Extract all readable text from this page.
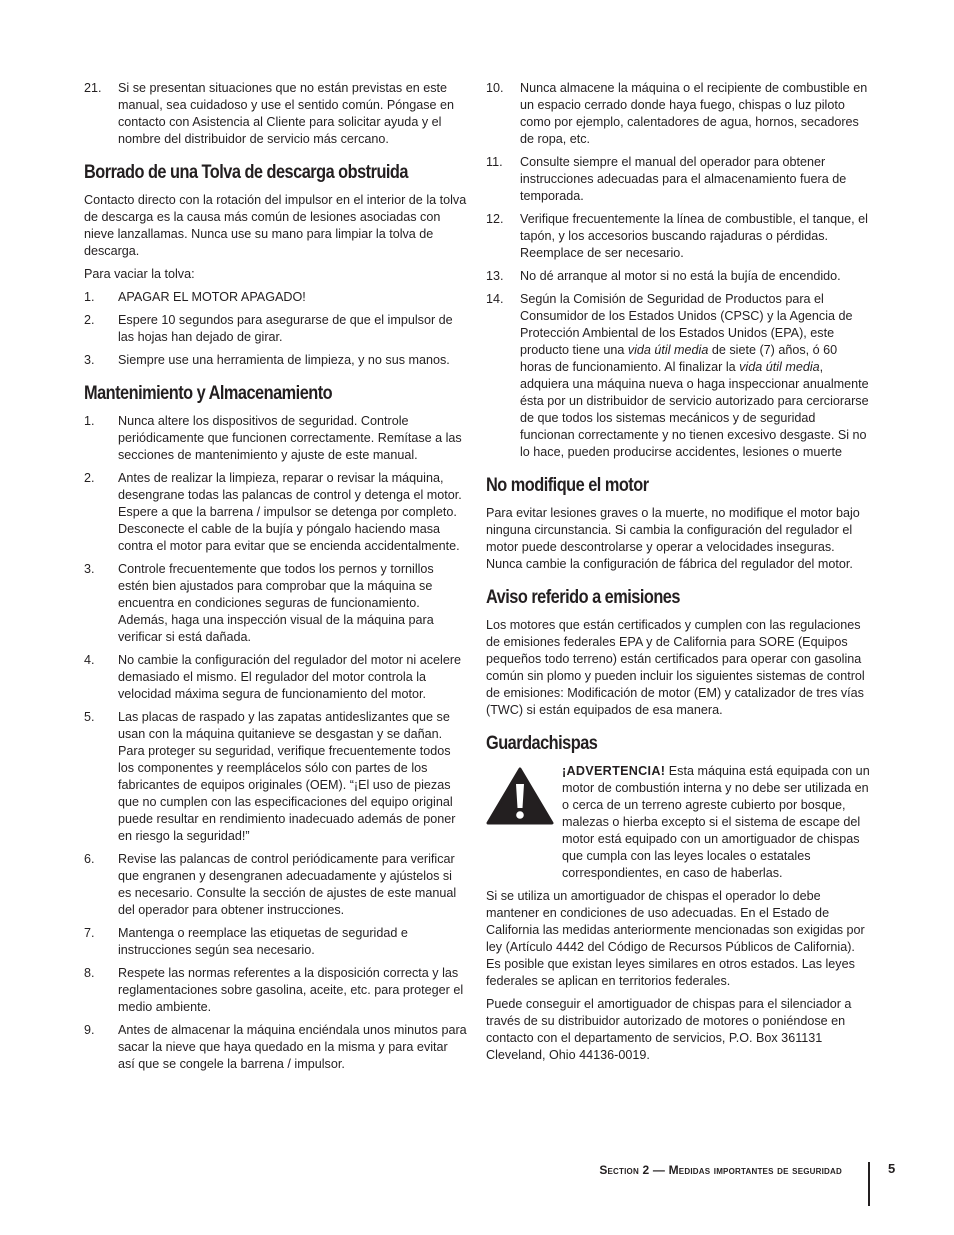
21. Si se presentan situaciones que no están previstas en este manual, sea cuidadoso y use el sentido común. Póngase en contacto con Asistencia al Cliente para solicitar ayuda y el nombre del distribuidor de servicio más cercano.
Borrado de una Tolva de descarga obstruida

Contacto directo con la rotación del impulsor en el interior de la tolva de descarga es la causa más común de lesiones asociadas con nieve lanzallamas. Nunca use su mano para limpiar la tolva de descarga.

Para vaciar la tolva:

1. APAGAR EL MOTOR APAGADO!
2. Espere 10 segundos para asegurarse de que el impulsor de las hojas han dejado de girar.
3. Siempre use una herramienta de limpieza, y no sus manos.
Mantenimiento y Almacenamiento
1. Nunca altere los dispositivos de seguridad. Controle periódicamente que funcionen correctamente. Remítase a las secciones de mantenimiento y ajuste de este manual.
2. Antes de realizar la limpieza, reparar o revisar la máquina, desengrane todas las palancas de control y detenga el motor. Espere a que la barrena / impulsor se detenga por completo. Desconecte el cable de la bujía y póngalo haciendo masa contra el motor para evitar que se encienda accidentalmente.
3. Controle frecuentemente que todos los pernos y tornillos estén bien ajustados para comprobar que la máquina se encuentra en condiciones seguras de funcionamiento. Además, haga una inspección visual de la máquina para verificar si está dañada.
4. No cambie la configuración del regulador del motor ni acelere demasiado el mismo. El regulador del motor controla la velocidad máxima segura de funcionamiento del motor.
5. Las placas de raspado y las zapatas antideslizantes que se usan con la máquina quitanieve se desgastan y se dañan. Para proteger su seguridad, verifique frecuentemente todos los componentes y reemplácelos sólo con partes de los fabricantes de equipos originales (OEM). “¡El uso de piezas que no cumplen con las especificaciones del equipo original puede resultar en rendimiento inadecuado además de poner en riesgo la seguridad!”
6. Revise las palancas de control periódicamente para verificar que engranen y desengranen adecuadamente y ajústelos si es necesario. Consulte la sección de ajustes de este manual del operador para obtener instrucciones.
7. Mantenga o reemplace las etiquetas de seguridad e instrucciones según sea necesario.
8. Respete las normas referentes a la disposición correcta y las reglamentaciones sobre gasolina, aceite, etc. para proteger el medio ambiente.
9. Antes de almacenar la máquina enciéndala unos minutos para sacar la nieve que haya quedado en la misma y para evitar así que se congele la barrena / impulsor.
10. Nunca almacene la máquina o el recipiente de combustible en un espacio cerrado donde haya fuego, chispas o luz piloto como por ejemplo, calentadores de agua, hornos, secadores de ropa, etc.
11. Consulte siempre el manual del operador para obtener instrucciones adecuadas para el almacenamiento fuera de temporada.
12. Verifique frecuentemente la línea de combustible, el tanque, el tapón, y los accesorios buscando rajaduras o pérdidas. Reemplace de ser necesario.
13. No dé arranque al motor si no está la bujía de encendido.
14. Según la Comisión de Seguridad de Productos para el Consumidor de los Estados Unidos (CPSC) y la Agencia de Protección Ambiental de los Estados Unidos (EPA), este producto tiene una vida útil media de siete (7) años, ó 60 horas de funcionamiento. Al finalizar la vida útil media, adquiera una máquina nueva o haga inspeccionar anualmente ésta por un distribuidor de servicio autorizado para cerciorarse de que todos los sistemas mecánicos y de seguridad funcionan correctamente y no tienen excesivo desgaste. Si no lo hace, pueden producirse accidentes, lesiones o muerte
No modifique el motor

Para evitar lesiones graves o la muerte, no modifique el motor bajo ninguna circunstancia. Si cambia la configuración del regulador el motor puede descontrolarse y operar a velocidades inseguras. Nunca cambie la configuración de fábrica del regulador del motor.

Aviso referido a emisiones

Los motores que están certificados y cumplen con las regulaciones de emisiones federales EPA y de California para SORE (Equipos pequeños todo terreno) están certificados para operar con gasolina común sin plomo y pueden incluir los siguientes sistemas de control de emisiones: Modificación de motor (EM) y catalizador de tres vías (TWC) si están equipados de esa manera.

Guardachispas
¡ADVERTENCIA! Esta máquina está equipada con un motor de combustión interna y no debe ser utilizada en o cerca de un terreno agreste cubierto por bosque, malezas o hierba excepto si el sistema de escape del motor está equipado con un amortiguador de chispas que cumpla con las leyes locales o estatales correspondientes, en caso de haberlas.

Si se utiliza un amortiguador de chispas el operador lo debe mantener en condiciones de uso adecuadas. En el Estado de California las medidas anteriormente mencionadas son exigidas por ley (Artículo 4442 del Código de Recursos Públicos de California). Es posible que existan leyes similares en otros estados. Las leyes federales se aplican en territorios federales.

Puede conseguir el amortiguador de chispas para el silenciador a través de su distribuidor autorizado de motores o poniéndose en contacto con el departamento de servicios, P.O. Box 361131 Cleveland, Ohio 44136-0019.

Section 2 — Medidas importantes de seguridad	5
